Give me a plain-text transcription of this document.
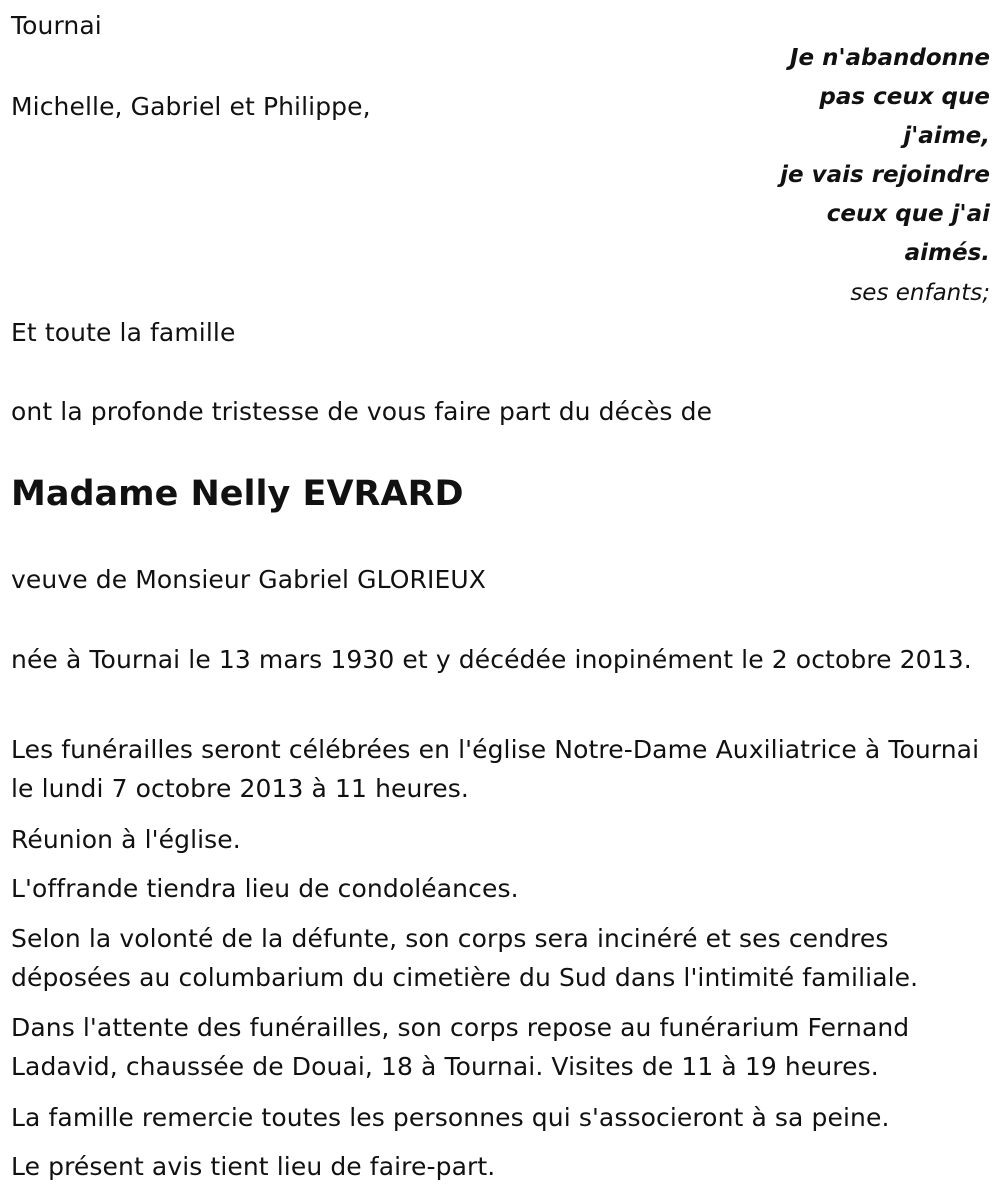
Tournai

Michelle, Gabriel et Philippe,

Je n'abandonne
pas ceux que
j'aime,
je vais rejoindre
ceux que j'ai
aimés.
ses enfants;

Et toute la famille

ont la profonde tristesse de vous faire part du décès de

Madame Nelly EVRARD

veuve de Monsieur Gabriel GLORIEUX

née à Tournai le 13 mars 1930 et y décédée inopinément le 2 octobre 2013.

Les funérailles seront célébrées en l'église Notre-Dame Auxiliatrice à Tournai le lundi 7 octobre 2013 à 11 heures.

Réunion à l'église.

L'offrande tiendra lieu de condoléances.

Selon la volonté de la défunte, son corps sera incinéré et ses cendres déposées au columbarium du cimetière du Sud dans l'intimité familiale.

Dans l'attente des funérailles, son corps repose au funérarium Fernand Ladavid, chaussée de Douai, 18 à Tournai. Visites de 11 à 19 heures.

La famille remercie toutes les personnes qui s'associeront à sa peine.

Le présent avis tient lieu de faire-part.
